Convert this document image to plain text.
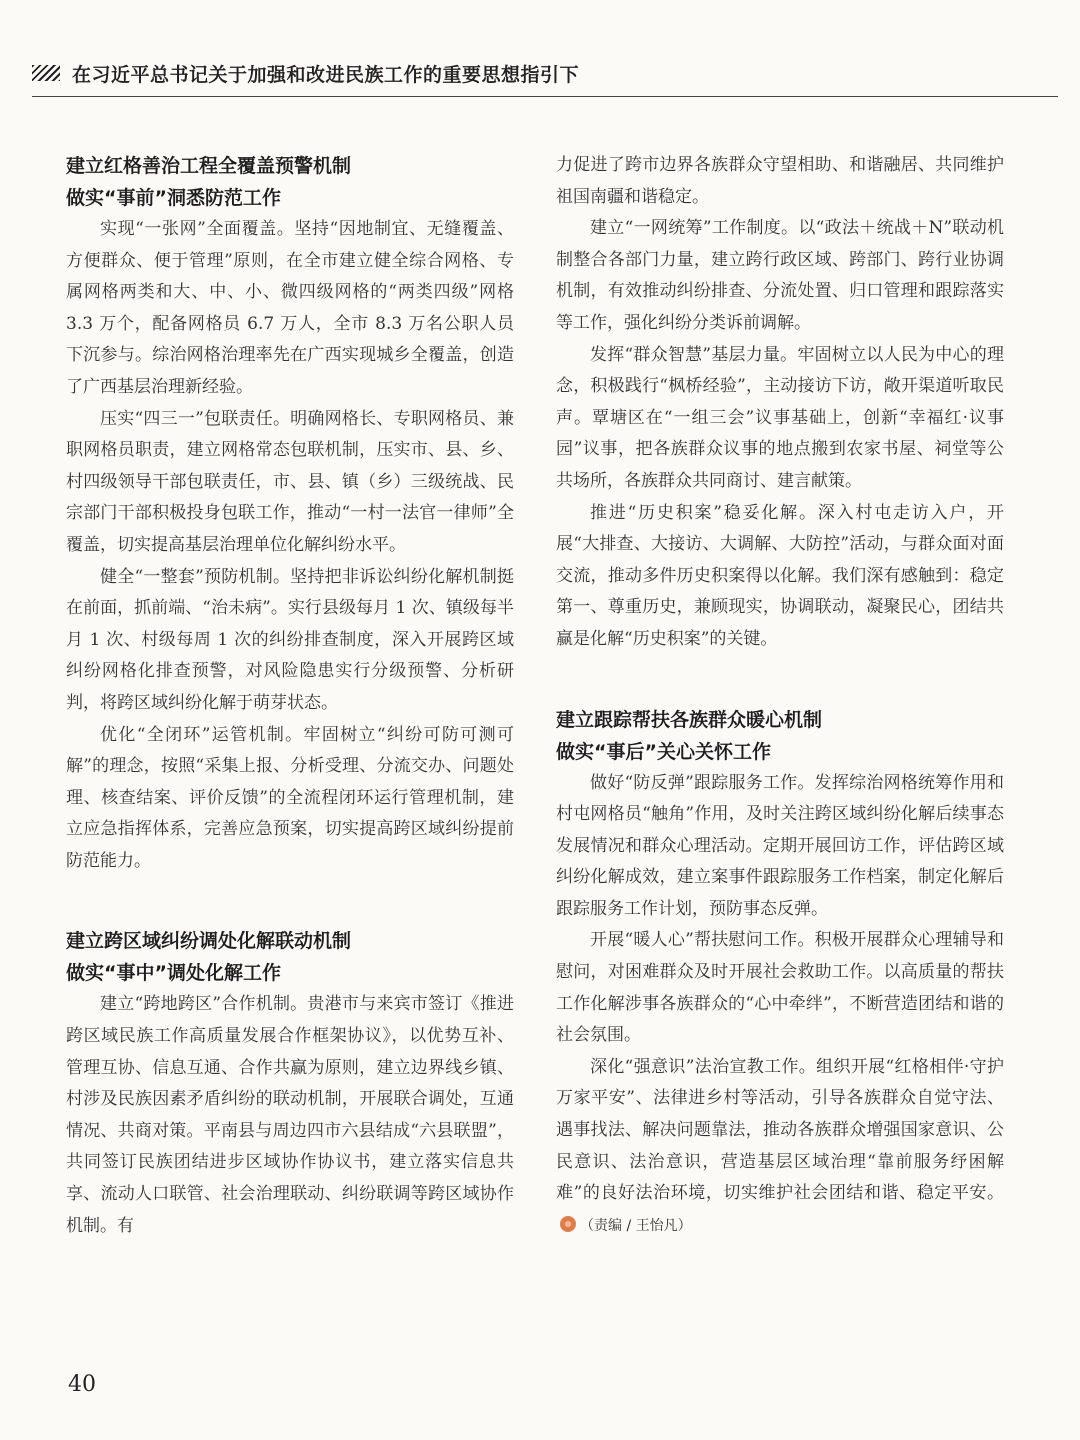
在习近平总书记关于加强和改进民族工作的重要思想指引下
建立红格善治工程全覆盖预警机制
做实“事前”洞悉防范工作

实现“一张网”全面覆盖。坚持“因地制宜、无缝覆盖、方便群众、便于管理”原则，在全市建立健全综合网格、专属网格两类和大、中、小、微四级网格的“两类四级”网格 3.3 万个，配备网格员 6.7 万人，全市 8.3 万名公职人员下沉参与。综治网格治理率先在广西实现城乡全覆盖，创造了广西基层治理新经验。

压实“四三一”包联责任。明确网格长、专职网格员、兼职网格员职责，建立网格常态包联机制，压实市、县、乡、村四级领导干部包联责任，市、县、镇（乡）三级统战、民宗部门干部积极投身包联工作，推动“一村一法官一律师”全覆盖，切实提高基层治理单位化解纠纷水平。

健全“一整套”预防机制。坚持把非诉讼纠纷化解机制挺在前面，抓前端、“治未病”。实行县级每月 1 次、镇级每半月 1 次、村级每周 1 次的纠纷排查制度，深入开展跨区域纠纷网格化排查预警，对风险隐患实行分级预警、分析研判，将跨区域纠纷化解于萌芽状态。

优化“全闭环”运管机制。牢固树立“纠纷可防可测可解”的理念，按照“采集上报、分析受理、分流交办、问题处理、核查结案、评价反馈”的全流程闭环运行管理机制，建立应急指挥体系，完善应急预案，切实提高跨区域纠纷提前防范能力。

建立跨区域纠纷调处化解联动机制
做实“事中”调处化解工作

建立“跨地跨区”合作机制。贵港市与来宾市签订《推进跨区域民族工作高质量发展合作框架协议》，以优势互补、管理互协、信息互通、合作共赢为原则，建立边界线乡镇、村涉及民族因素矛盾纠纷的联动机制，开展联合调处，互通情况、共商对策。平南县与周边四市六县结成“六县联盟”，共同签订民族团结进步区域协作协议书，建立落实信息共享、流动人口联管、社会治理联动、纠纷联调等跨区域协作机制。有

力促进了跨市边界各族群众守望相助、和谐融居、共同维护祖国南疆和谐稳定。

建立“一网统筹”工作制度。以“政法＋统战＋N”联动机制整合各部门力量，建立跨行政区域、跨部门、跨行业协调机制，有效推动纠纷排查、分流处置、归口管理和跟踪落实等工作，强化纠纷分类诉前调解。

发挥“群众智慧”基层力量。牢固树立以人民为中心的理念，积极践行“枫桥经验”，主动接访下访，敞开渠道听取民声。覃塘区在“一组三会”议事基础上，创新“幸福红·议事园”议事，把各族群众议事的地点搬到农家书屋、祠堂等公共场所，各族群众共同商讨、建言献策。

推进“历史积案”稳妥化解。深入村屯走访入户，开展“大排查、大接访、大调解、大防控”活动，与群众面对面交流，推动多件历史积案得以化解。我们深有感触到：稳定第一、尊重历史，兼顾现实，协调联动，凝聚民心，团结共赢是化解“历史积案”的关键。

建立跟踪帮扶各族群众暖心机制
做实“事后”关心关怀工作

做好“防反弹”跟踪服务工作。发挥综治网格统筹作用和村屯网格员“触角”作用，及时关注跨区域纠纷化解后续事态发展情况和群众心理活动。定期开展回访工作，评估跨区域纠纷化解成效，建立案事件跟踪服务工作档案，制定化解后跟踪服务工作计划，预防事态反弹。

开展“暖人心”帮扶慰问工作。积极开展群众心理辅导和慰问，对困难群众及时开展社会救助工作。以高质量的帮扶工作化解涉事各族群众的“心中牵绊”，不断营造团结和谐的社会氛围。

深化“强意识”法治宣教工作。组织开展“红格相伴·守护万家平安”、法律进乡村等活动，引导各族群众自觉守法、遇事找法、解决问题靠法，推动各族群众增强国家意识、公民意识、法治意识，营造基层区域治理“靠前服务纾困解难”的良好法治环境，切实维护社会团结和谐、稳定平安。（责编 / 王怡凡）

40
